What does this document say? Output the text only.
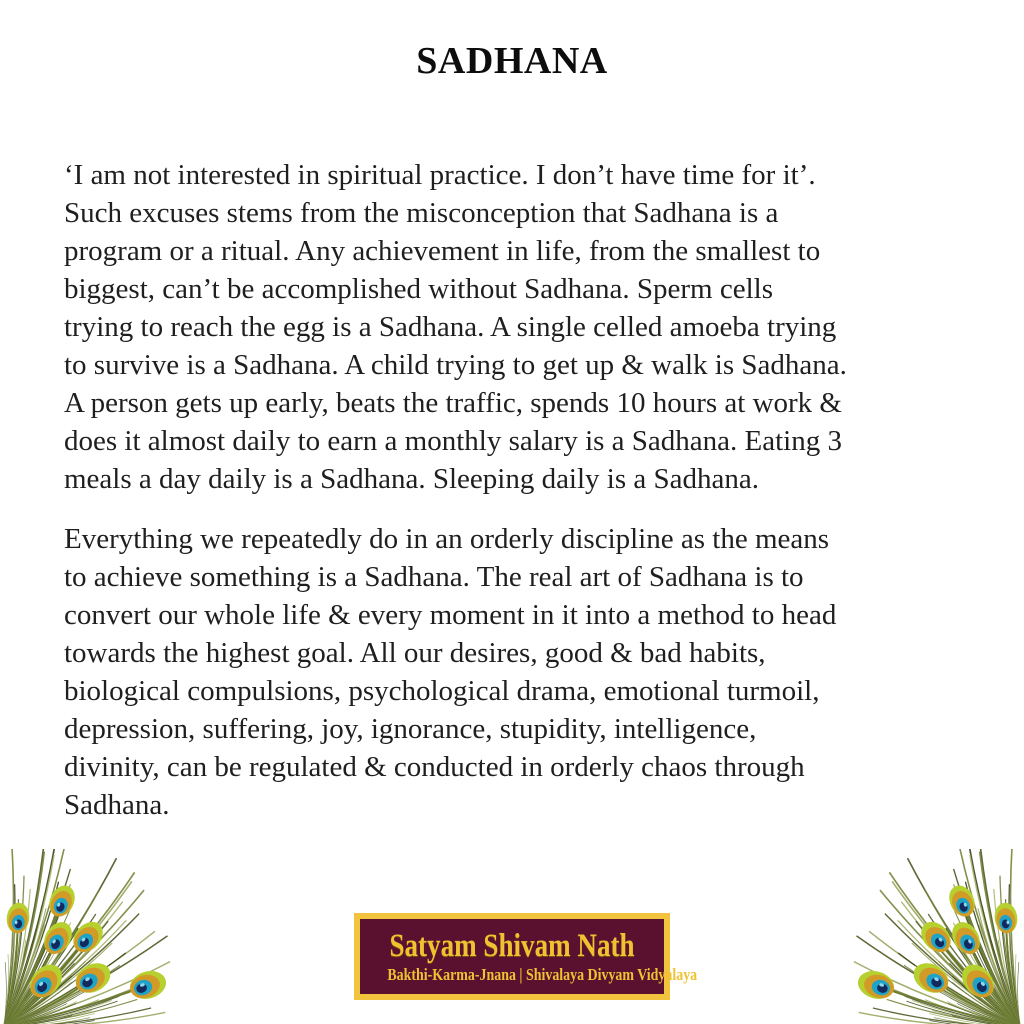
SADHANA

‘I am not interested in spiritual practice. I don’t have time for it’.
Such excuses stems from the misconception that Sadhana is a
program or a ritual. Any achievement in life, from the smallest to
biggest, can’t be accomplished without Sadhana. Sperm cells
trying to reach the egg is a Sadhana. A single celled amoeba trying
to survive is a Sadhana. A child trying to get up & walk is Sadhana.
A person gets up early, beats the traffic, spends 10 hours at work &
does it almost daily to earn a monthly salary is a Sadhana. Eating 3
meals a day daily is a Sadhana. Sleeping daily is a Sadhana.

Everything we repeatedly do in an orderly discipline as the means
to achieve something is a Sadhana. The real art of Sadhana is to
convert our whole life & every moment in it into a method to head
towards the highest goal. All our desires, good & bad habits,
biological compulsions, psychological drama, emotional turmoil,
depression, suffering, joy, ignorance, stupidity, intelligence,
divinity, can be regulated & conducted in orderly chaos through
Sadhana.

Satyam Shivam Nath
Bakthi-Karma-Jnana | Shivalaya Divyam Vidyalaya
